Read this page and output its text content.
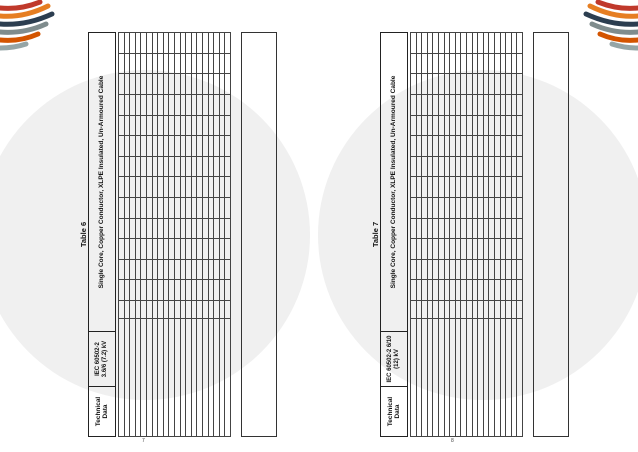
Table 6
Technical Data
IEC 60502-2 3.6/6 (7.2) kV
Single Core, Copper Conductor, XLPE Insulated, Un-Armoured Cable

															Table 7
Technical Data
IEC 60502-2 6/10 (12) kV
Single Core, Copper Conductor, XLPE Insulated, Un-Armoured Cable

7	8
